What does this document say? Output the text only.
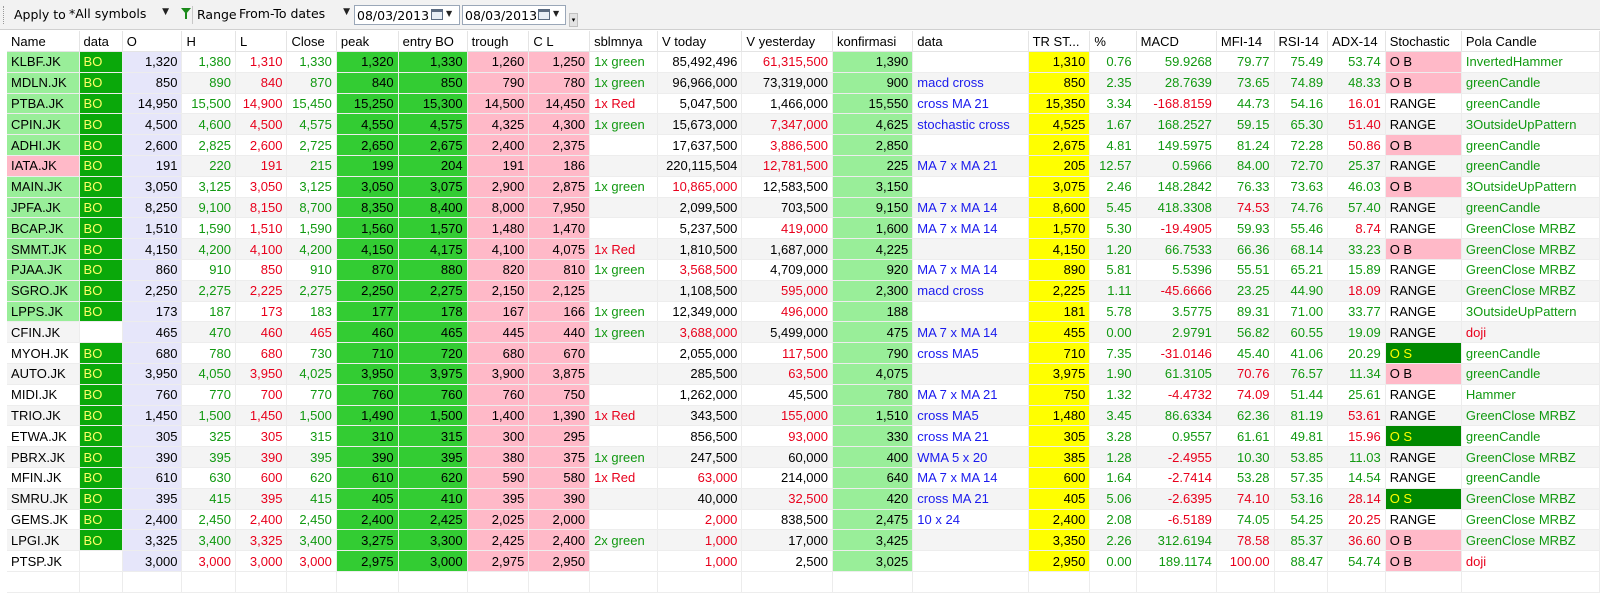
Apply to *All symbols ▼ Range From-To dates ▼ 08/03/2013 ▼ 08/03/2013 ▼
▾
Name	data	O	H	L	Close	peak	entry BO	trough	C L	sblmnya	V today	V yesterday	konfirmasi	data	TR ST...	%	MACD	MFI-14	RSI-14	ADX-14	Stochastic	Pola Candle
KLBF.JK	BO	1,320	1,380	1,310	1,330	1,320	1,330	1,260	1,250	1x green	85,492,496	61,315,500	1,390		1,310	0.76	59.9268	79.77	75.49	53.74	O B	InvertedHammer
MDLN.JK	BO	850	890	840	870	840	850	790	780	1x green	96,966,000	73,319,000	900	macd cross	850	2.35	28.7639	73.65	74.89	48.33	O B	greenCandle
PTBA.JK	BO	14,950	15,500	14,900	15,450	15,250	15,300	14,500	14,450	1x Red	5,047,500	1,466,000	15,550	cross MA 21	15,350	3.34	-168.8159	44.73	54.16	16.01	RANGE	greenCandle
CPIN.JK	BO	4,500	4,600	4,500	4,575	4,550	4,575	4,325	4,300	1x green	15,673,000	7,347,000	4,625	stochastic cross	4,525	1.67	168.2527	59.15	65.30	51.40	RANGE	3OutsideUpPattern
ADHI.JK	BO	2,600	2,825	2,600	2,725	2,650	2,675	2,400	2,375		17,637,500	3,886,500	2,850		2,675	4.81	149.5975	81.24	72.28	50.86	O B	greenCandle
IATA.JK	BO	191	220	191	215	199	204	191	186		220,115,504	12,781,500	225	MA 7 x MA 21	205	12.57	0.5966	84.00	72.70	25.37	RANGE	greenCandle
MAIN.JK	BO	3,050	3,125	3,050	3,125	3,050	3,075	2,900	2,875	1x green	10,865,000	12,583,500	3,150		3,075	2.46	148.2842	76.33	73.63	46.03	O B	3OutsideUpPattern
JPFA.JK	BO	8,250	9,100	8,150	8,700	8,350	8,400	8,000	7,950		2,099,500	703,500	9,150	MA 7 x MA 14	8,600	5.45	418.3308	74.53	74.76	57.40	RANGE	greenCandle
BCAP.JK	BO	1,510	1,590	1,510	1,590	1,560	1,570	1,480	1,470		5,237,500	419,000	1,600	MA 7 x MA 14	1,570	5.30	-19.4905	59.93	55.46	8.74	RANGE	GreenClose MRBZ
SMMT.JK	BO	4,150	4,200	4,100	4,200	4,150	4,175	4,100	4,075	1x Red	1,810,500	1,687,000	4,225		4,150	1.20	66.7533	66.36	68.14	33.23	O B	GreenClose MRBZ
PJAA.JK	BO	860	910	850	910	870	880	820	810	1x green	3,568,500	4,709,000	920	MA 7 x MA 14	890	5.81	5.5396	55.51	65.21	15.89	RANGE	GreenClose MRBZ
SGRO.JK	BO	2,250	2,275	2,225	2,275	2,250	2,275	2,150	2,125		1,108,500	595,000	2,300	macd cross	2,225	1.11	-45.6666	23.25	44.90	18.09	RANGE	GreenClose MRBZ
LPPS.JK	BO	173	187	173	183	177	178	167	166	1x green	12,349,000	496,000	188		181	5.78	3.5775	89.31	71.00	33.77	RANGE	3OutsideUpPattern
CFIN.JK		465	470	460	465	460	465	445	440	1x green	3,688,000	5,499,000	475	MA 7 x MA 14	455	0.00	2.9791	56.82	60.55	19.09	RANGE	doji
MYOH.JK	BO	680	780	680	730	710	720	680	670		2,055,000	117,500	790	cross MA5	710	7.35	-31.0146	45.40	41.06	20.29	O S	greenCandle
AUTO.JK	BO	3,950	4,050	3,950	4,025	3,950	3,975	3,900	3,875		285,500	63,500	4,075		3,975	1.90	61.3105	70.76	76.57	11.34	O B	greenCandle
MIDI.JK	BO	760	770	700	770	760	760	760	750		1,262,000	45,500	780	MA 7 x MA 21	750	1.32	-4.4732	74.09	51.44	25.61	RANGE	Hammer
TRIO.JK	BO	1,450	1,500	1,450	1,500	1,490	1,500	1,400	1,390	1x Red	343,500	155,000	1,510	cross MA5	1,480	3.45	86.6334	62.36	81.19	53.61	RANGE	GreenClose MRBZ
ETWA.JK	BO	305	325	305	315	310	315	300	295		856,500	93,000	330	cross MA 21	305	3.28	0.9557	61.61	49.81	15.96	O S	greenCandle
PBRX.JK	BO	390	395	390	395	390	395	380	375	1x green	247,500	60,000	400	WMA 5 x 20	385	1.28	-2.4955	10.30	53.85	11.03	RANGE	GreenClose MRBZ
MFIN.JK	BO	610	630	600	620	610	620	590	580	1x Red	63,000	214,000	640	MA 7 x MA 14	600	1.64	-2.7414	53.28	57.35	14.54	RANGE	greenCandle
SMRU.JK	BO	395	415	395	415	405	410	395	390		40,000	32,500	420	cross MA 21	405	5.06	-2.6395	74.10	53.16	28.14	O S	GreenClose MRBZ
GEMS.JK	BO	2,400	2,450	2,400	2,450	2,400	2,425	2,025	2,000		2,000	838,500	2,475	10 x 24	2,400	2.08	-6.5189	74.05	54.25	20.25	RANGE	GreenClose MRBZ
LPGI.JK	BO	3,325	3,400	3,325	3,400	3,275	3,300	2,425	2,400	2x green	1,000	17,000	3,425		3,350	2.26	312.6194	78.58	85.37	36.60	O B	GreenClose MRBZ
PTSP.JK		3,000	3,000	3,000	3,000	2,975	3,000	2,975	2,950		1,000	2,500	3,025		2,950	0.00	189.1174	100.00	88.47	54.74	O B	doji
